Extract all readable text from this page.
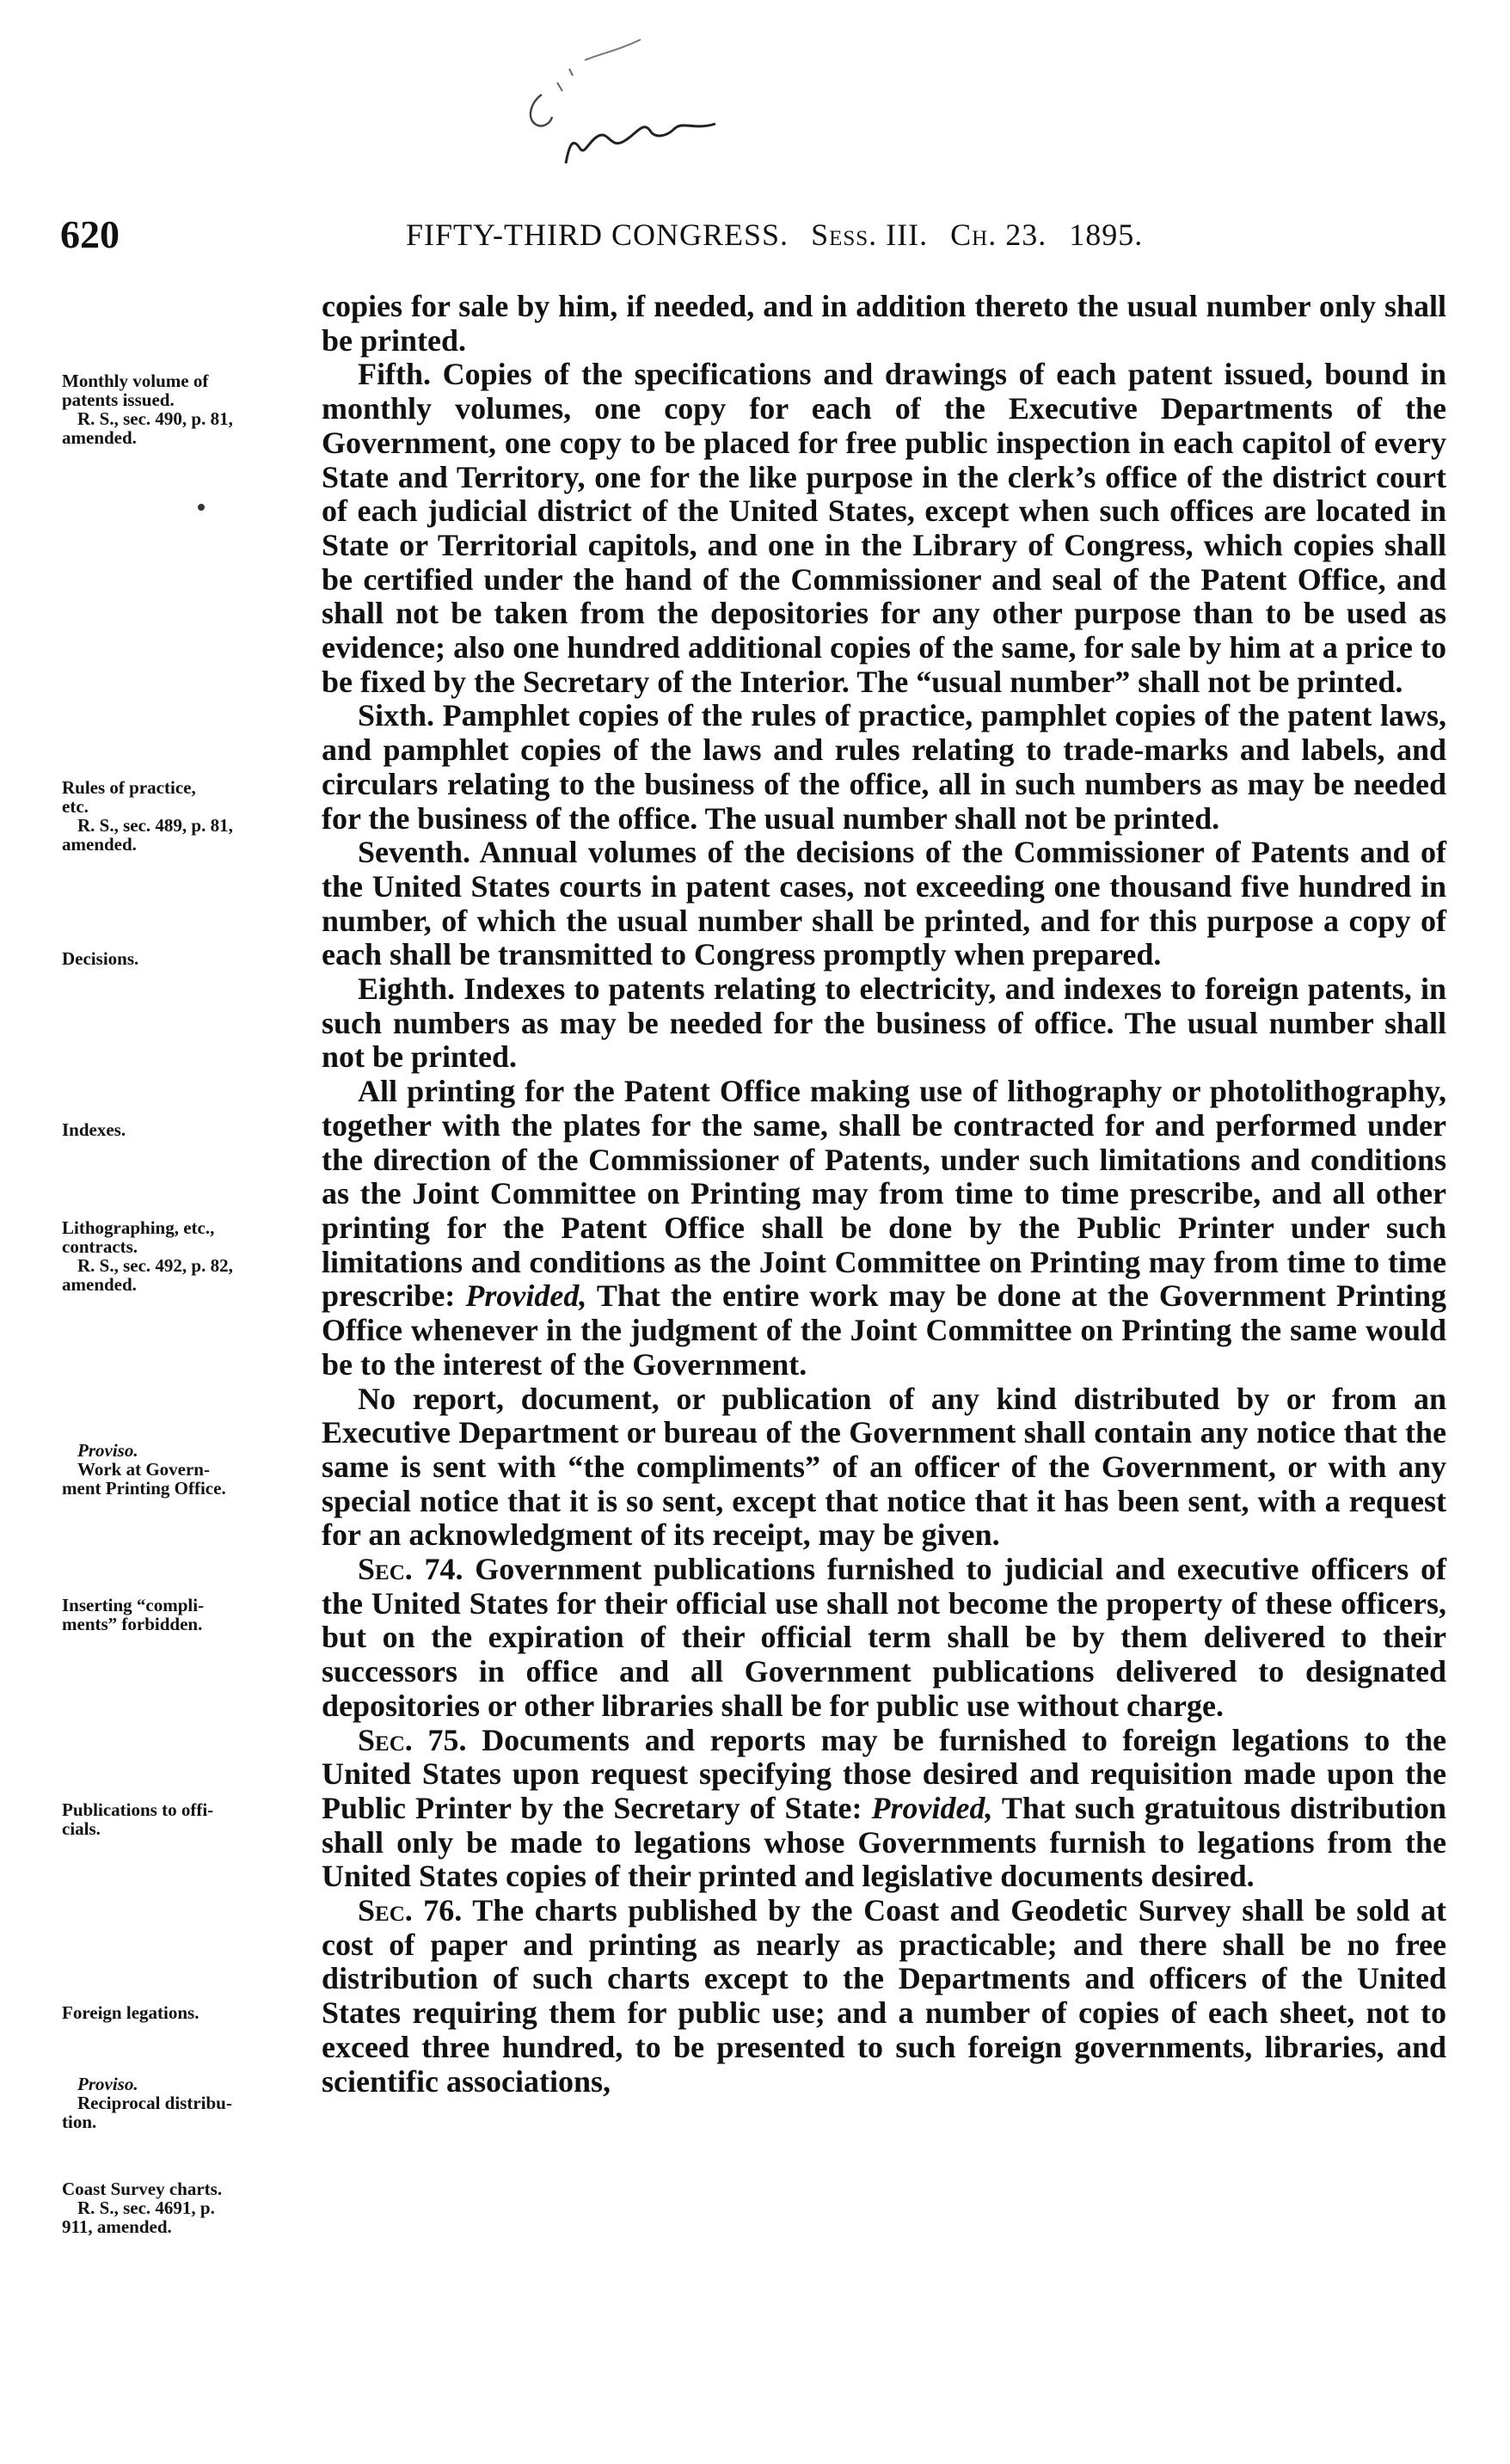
620	FIFTY-THIRD CONGRESS. Sess. III. Ch. 23. 1895.
Monthly volume of
patents issued.
R. S., sec. 490, p. 81,
amended.
Rules of practice,
etc.
R. S., sec. 489, p. 81,
amended.
Decisions.
Indexes.
Lithographing, etc.,
contracts.
R. S., sec. 492, p. 82,
amended.
Proviso.
Work at Govern-
ment Printing Office.
Inserting “compli-
ments” forbidden.
Publications to offi-
cials.
Foreign legations.
Proviso.
Reciprocal distribu-
tion.
Coast Survey charts.
R. S., sec. 4691, p.
911, amended.

copies for sale by him, if needed, and in addition thereto the usual number only shall be printed.

Fifth. Copies of the specifications and drawings of each patent issued, bound in monthly volumes, one copy for each of the Executive Departments of the Government, one copy to be placed for free public inspection in each capitol of every State and Territory, one for the like purpose in the clerk’s office of the district court of each judicial district of the United States, except when such offices are located in State or Territorial capitols, and one in the Library of Congress, which copies shall be certified under the hand of the Commissioner and seal of the Patent Office, and shall not be taken from the depositories for any other purpose than to be used as evidence; also one hundred additional copies of the same, for sale by him at a price to be fixed by the Secretary of the Interior. The “usual number” shall not be printed.

Sixth. Pamphlet copies of the rules of practice, pamphlet copies of the patent laws, and pamphlet copies of the laws and rules relating to trade-marks and labels, and circulars relating to the business of the office, all in such numbers as may be needed for the business of the office. The usual number shall not be printed.

Seventh. Annual volumes of the decisions of the Commissioner of Patents and of the United States courts in patent cases, not exceeding one thousand five hundred in number, of which the usual number shall be printed, and for this purpose a copy of each shall be transmitted to Congress promptly when prepared.

Eighth. Indexes to patents relating to electricity, and indexes to foreign patents, in such numbers as may be needed for the business of office. The usual number shall not be printed.

All printing for the Patent Office making use of lithography or photolithography, together with the plates for the same, shall be contracted for and performed under the direction of the Commissioner of Patents, under such limitations and conditions as the Joint Committee on Printing may from time to time prescribe, and all other printing for the Patent Office shall be done by the Public Printer under such limitations and conditions as the Joint Committee on Printing may from time to time prescribe: Provided, That the entire work may be done at the Government Printing Office whenever in the judgment of the Joint Committee on Printing the same would be to the interest of the Government.

No report, document, or publication of any kind distributed by or from an Executive Department or bureau of the Government shall contain any notice that the same is sent with “the compliments” of an officer of the Government, or with any special notice that it is so sent, except that notice that it has been sent, with a request for an acknowledgment of its receipt, may be given.

Sec. 74. Government publications furnished to judicial and executive officers of the United States for their official use shall not become the property of these officers, but on the expiration of their official term shall be by them delivered to their successors in office and all Government publications delivered to designated depositories or other libraries shall be for public use without charge.

Sec. 75. Documents and reports may be furnished to foreign legations to the United States upon request specifying those desired and requisition made upon the Public Printer by the Secretary of State: Provided, That such gratuitous distribution shall only be made to legations whose Governments furnish to legations from the United States copies of their printed and legislative documents desired.

Sec. 76. The charts published by the Coast and Geodetic Survey shall be sold at cost of paper and printing as nearly as practicable; and there shall be no free distribution of such charts except to the Departments and officers of the United States requiring them for public use; and a number of copies of each sheet, not to exceed three hundred, to be presented to such foreign governments, libraries, and scientific associations,
